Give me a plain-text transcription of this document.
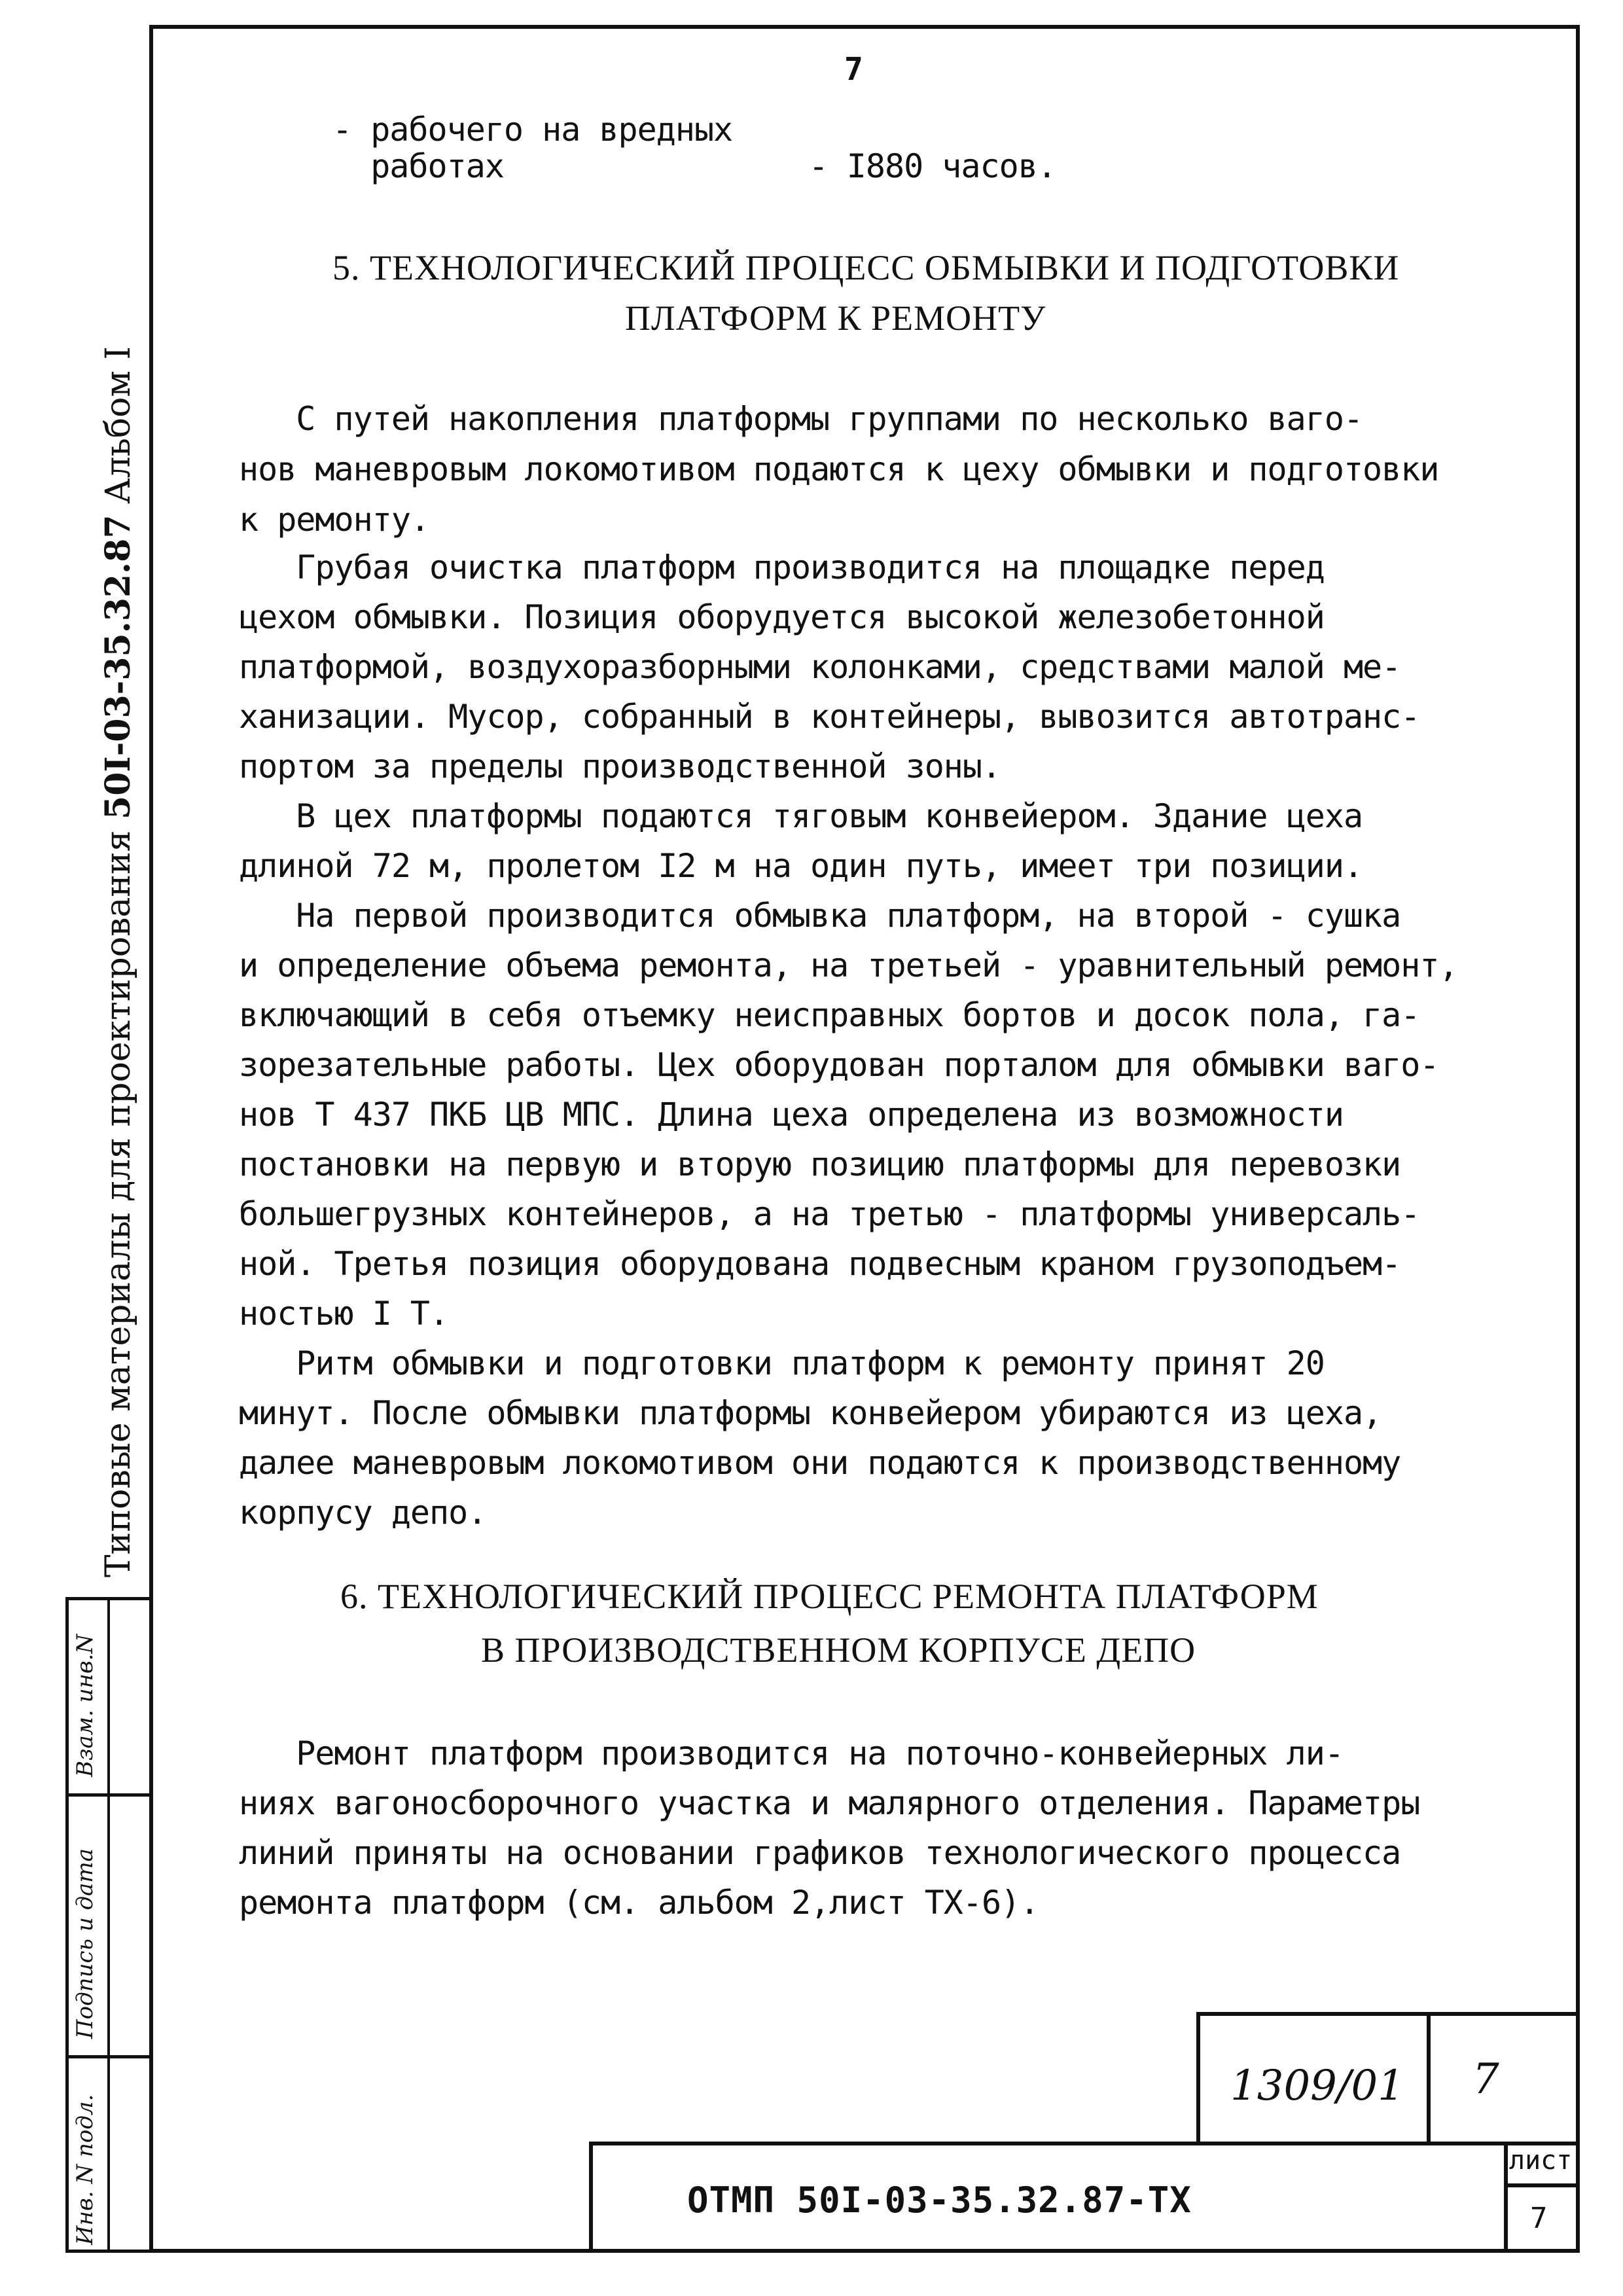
Типовые материалы для проектирования 50I-03-35.32.87 Альбом I
Взам. инв.N
Подпись и дата
Инв. N подл.
7
- рабочего на вредных
работах                - I880 часов.
5. ТЕХНОЛОГИЧЕСКИЙ ПРОЦЕСС ОБМЫВКИ И ПОДГОТОВКИ
ПЛАТФОРМ К РЕМОНТУ
С путей накопления платформы группами по несколько ваго-
нов маневровым локомотивом подаются к цеху обмывки и подготовки
к ремонту.
Грубая очистка платформ производится на площадке перед
цехом обмывки. Позиция оборудуется высокой железобетонной
платформой, воздухоразборными колонками, средствами малой ме-
ханизации. Мусор, собранный в контейнеры, вывозится автотранс-
портом за пределы производственной зоны.
В цех платформы подаются тяговым конвейером. Здание цеха
длиной 72 м, пролетом I2 м на один путь, имеет три позиции.
На первой производится обмывка платформ, на второй - сушка
и определение объема ремонта, на третьей - уравнительный ремонт,
включающий в себя отъемку неисправных бортов и досок пола, га-
зорезательные работы. Цех оборудован порталом для обмывки ваго-
нов Т 437 ПКБ ЦВ МПС. Длина цеха определена из возможности
постановки на первую и вторую позицию платформы для перевозки
большегрузных контейнеров, а на третью - платформы универсаль-
ной. Третья позиция оборудована подвесным краном грузоподъем-
ностью I Т.
Ритм обмывки и подготовки платформ к ремонту принят 20
минут. После обмывки платформы конвейером убираются из цеха,
далее маневровым локомотивом они подаются к производственному
корпусу депо.
6. ТЕХНОЛОГИЧЕСКИЙ ПРОЦЕСС РЕМОНТА ПЛАТФОРМ
В ПРОИЗВОДСТВЕННОМ КОРПУСЕ ДЕПО
Ремонт платформ производится на поточно-конвейерных ли-
ниях вагоносборочного участка и малярного отделения. Параметры
линий приняты на основании графиков технологического процесса
ремонта платформ (см. альбом 2,лист ТХ-6).
1309/01 7
ОТМП 50I-03-35.32.87-ТХ
лист
7
